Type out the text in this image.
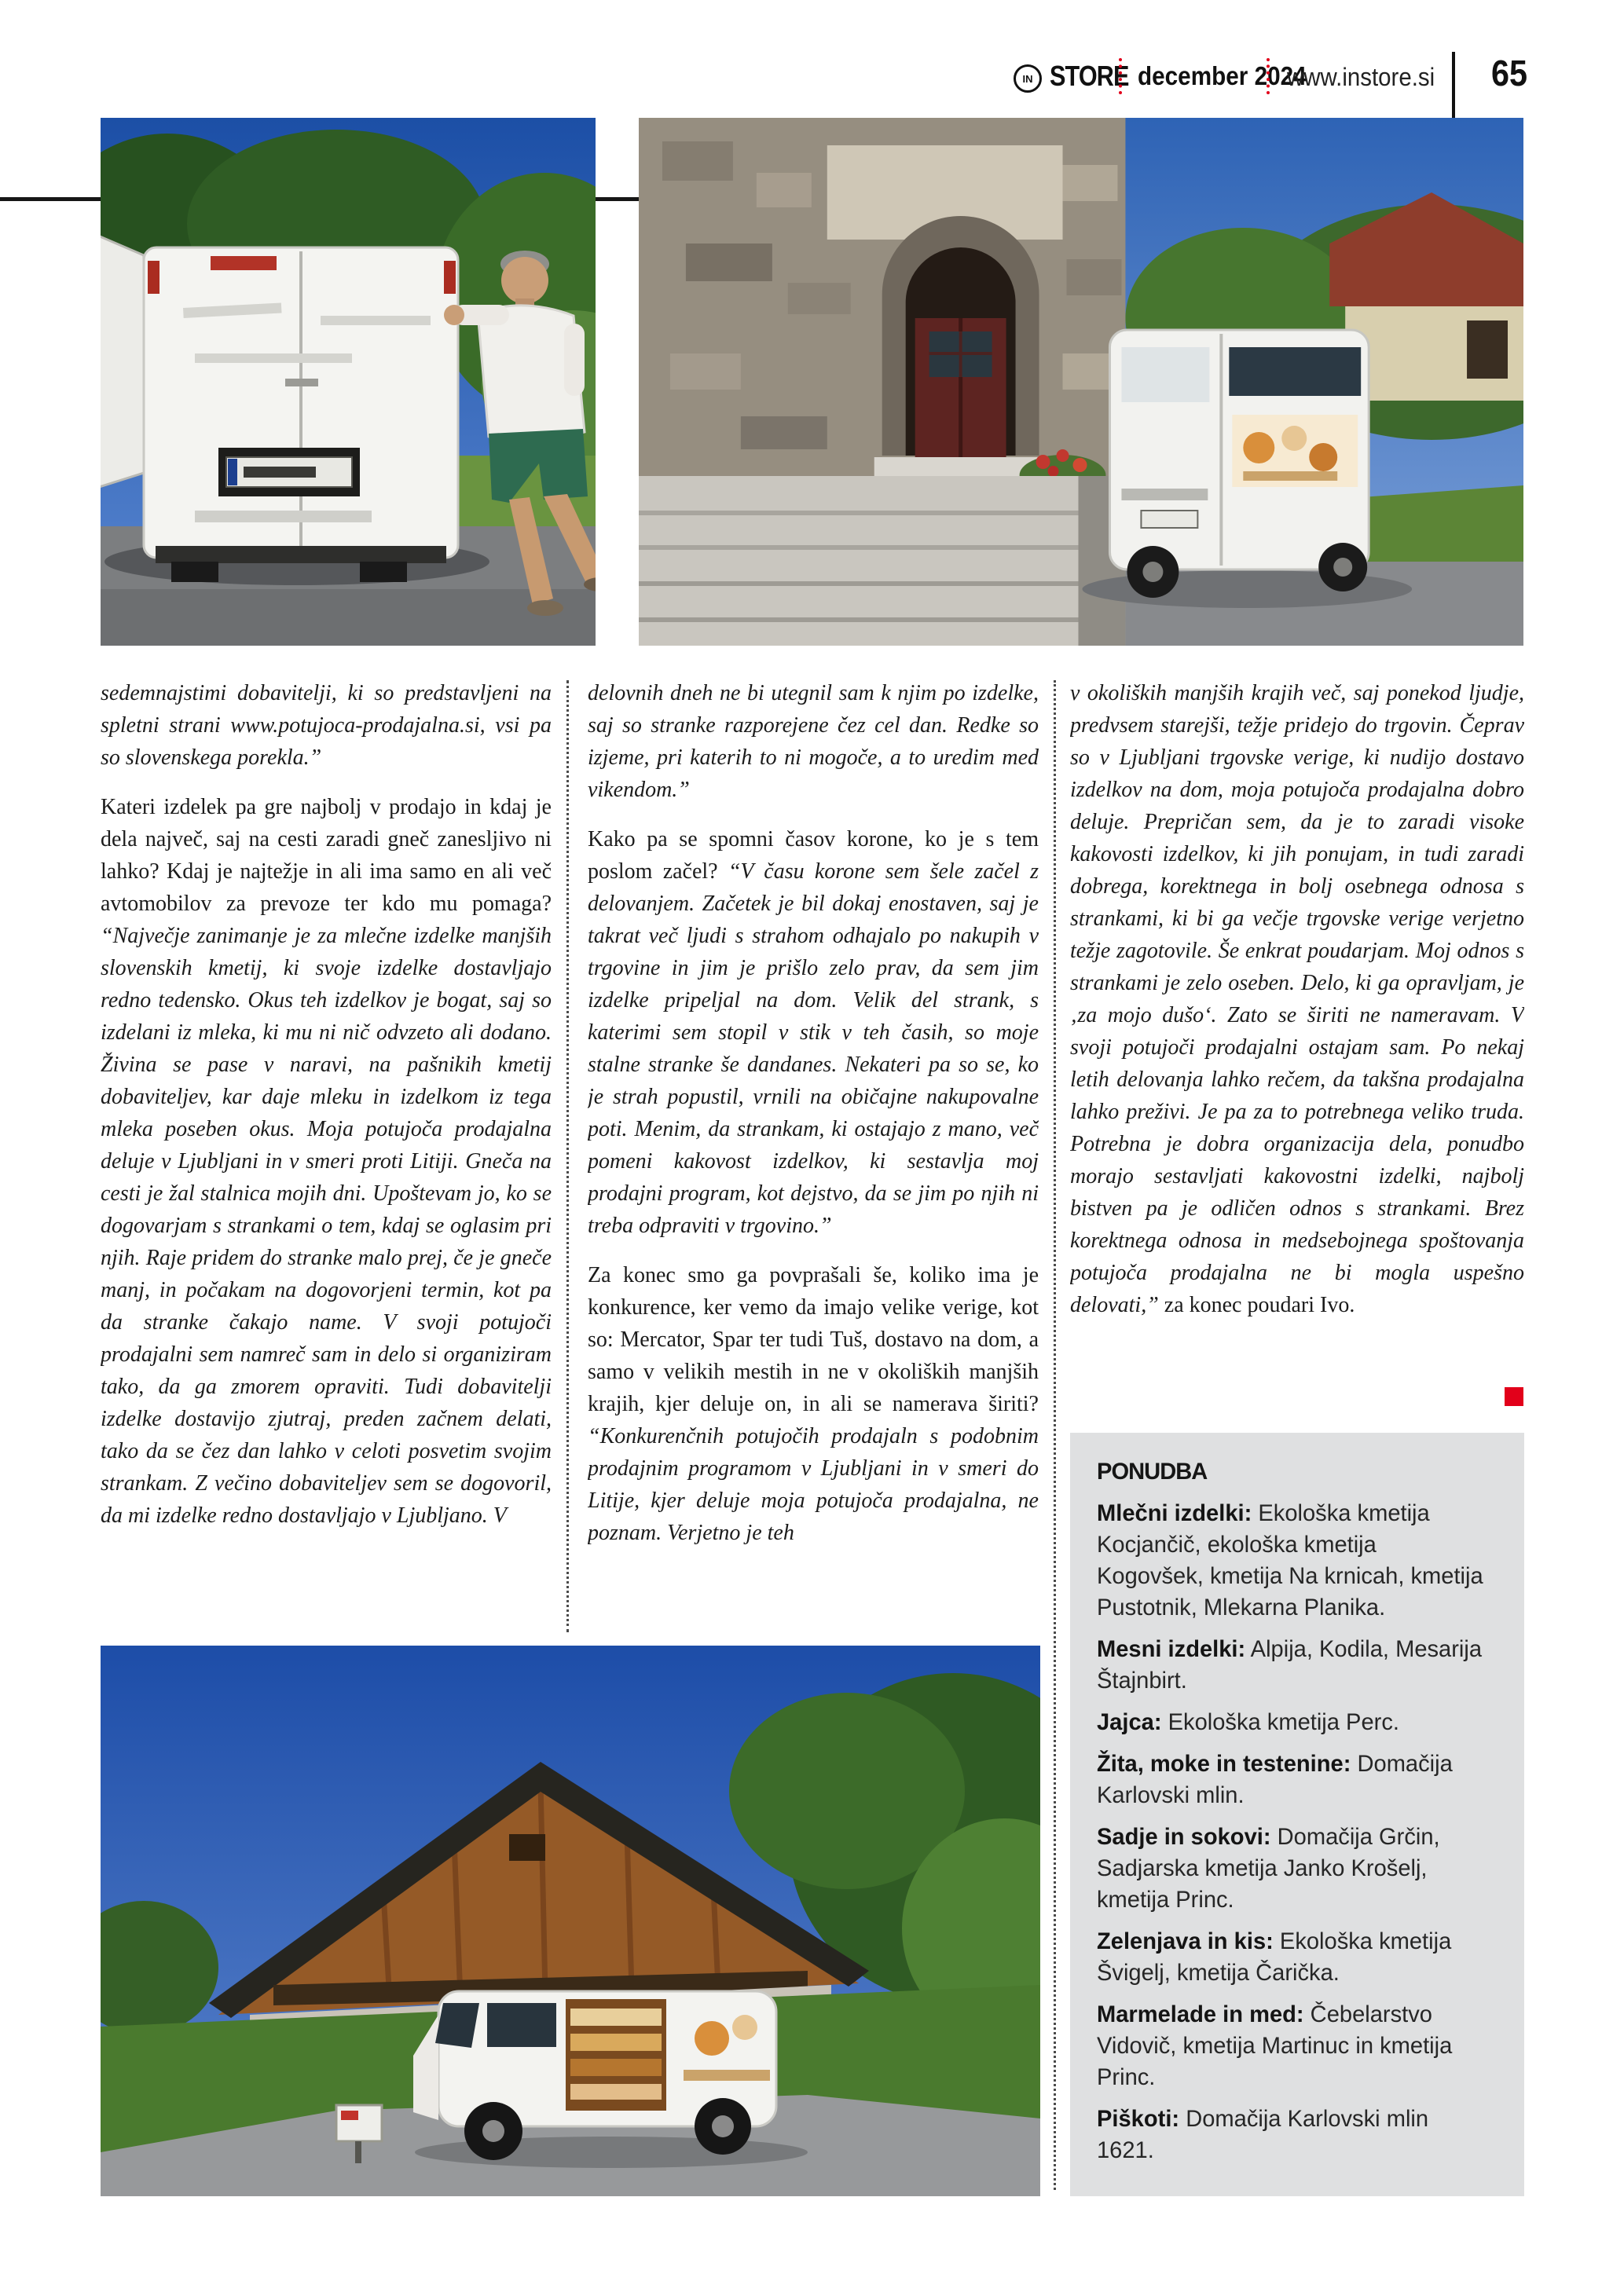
IN STORE december 2024
www.instore.si 65

sedemnajstimi dobavitelji, ki so predstavljeni na spletni strani www.potujoca-prodajalna.si, vsi pa so slovenskega porekla.”

Kateri izdelek pa gre najbolj v prodajo in kdaj je dela največ, saj na cesti zaradi gneč zanesljivo ni lahko? Kdaj je najtežje in ali ima samo en ali več avtomobilov za prevoze ter kdo mu pomaga? “Največje zanimanje je za mlečne izdelke manjših slovenskih kmetij, ki svoje izdelke dostavljajo redno tedensko. Okus teh izdelkov je bogat, saj so izdelani iz mleka, ki mu ni nič odvzeto ali dodano. Živina se pase v naravi, na pašnikih kmetij dobaviteljev, kar daje mleku in izdelkom iz tega mleka poseben okus. Moja potujoča prodajalna deluje v Ljubljani in v smeri proti Litiji. Gneča na cesti je žal stalnica mojih dni. Upoštevam jo, ko se dogovarjam s strankami o tem, kdaj se oglasim pri njih. Raje pridem do stranke malo prej, če je gneče manj, in počakam na dogovorjeni termin, kot pa da stranke čakajo name. V svoji potujoči prodajalni sem namreč sam in delo si organiziram tako, da ga zmorem opraviti. Tudi dobavitelji izdelke dostavijo zjutraj, preden začnem delati, tako da se čez dan lahko v celoti posvetim svojim strankam. Z večino dobaviteljev sem se dogovoril, da mi izdelke redno dostavljajo v Ljubljano. V

delovnih dneh ne bi utegnil sam k njim po izdelke, saj so stranke razporejene čez cel dan. Redke so izjeme, pri katerih to ni mogoče, a to uredim med vikendom.”

Kako pa se spomni časov korone, ko je s tem poslom začel? “V času korone sem šele začel z delovanjem. Začetek je bil dokaj enostaven, saj je takrat več ljudi s strahom odhajalo po nakupih v trgovine in jim je prišlo zelo prav, da sem jim izdelke pripeljal na dom. Velik del strank, s katerimi sem stopil v stik v teh časih, so moje stalne stranke še dandanes. Nekateri pa so se, ko je strah popustil, vrnili na običajne nakupovalne poti. Menim, da strankam, ki ostajajo z mano, več pomeni kakovost izdelkov, ki sestavlja moj prodajni program, kot dejstvo, da se jim po njih ni treba odpraviti v trgovino.”

Za konec smo ga povprašali še, koliko ima je konkurence, ker vemo da imajo velike verige, kot so: Mercator, Spar ter tudi Tuš, dostavo na dom, a samo v velikih mestih in ne v okoliških manjših krajih, kjer deluje on, in ali se namerava širiti? “Konkurenčnih potujočih prodajaln s podobnim prodajnim programom v Ljubljani in v smeri do Litije, kjer deluje moja potujoča prodajalna, ne poznam. Verjetno je teh

v okoliških manjših krajih več, saj ponekod ljudje, predvsem starejši, težje pridejo do trgovin. Čeprav so v Ljubljani trgovske verige, ki nudijo dostavo izdelkov na dom, moja potujoča prodajalna dobro deluje. Prepričan sem, da je to zaradi visoke kakovosti izdelkov, ki jih ponujam, in tudi zaradi dobrega, korektnega in bolj osebnega odnosa s strankami, ki bi ga večje trgovske verige verjetno težje zagotovile. Še enkrat poudarjam. Moj odnos s strankami je zelo oseben. Delo, ki ga opravljam, je ‚za mojo dušo‘. Zato se širiti ne nameravam. V svoji potujoči prodajalni ostajam sam. Po nekaj letih delovanja lahko rečem, da takšna prodajalna lahko preživi. Je pa za to potrebnega veliko truda. Potrebna je dobra organizacija dela, ponudbo morajo sestavljati kakovostni izdelki, najbolj bistven pa je odličen odnos s strankami. Brez korektnega odnosa in medsebojnega spoštovanja potujoča prodajalna ne bi mogla uspešno delovati,” za konec poudari Ivo.

PONUDBA

Mlečni izdelki: Ekološka kmetija Kocjančič, ekološka kmetija Kogovšek, kmetija Na krnicah, kmetija Pustotnik, Mlekarna Planika.

Mesni izdelki: Alpija, Kodila, Mesarija Štajnbirt.

Jajca: Ekološka kmetija Perc.

Žita, moke in testenine: Domačija Karlovski mlin.

Sadje in sokovi: Domačija Grčin, Sadjarska kmetija Janko Krošelj, kmetija Princ.

Zelenjava in kis: Ekološka kmetija Švigelj, kmetija Čarička.

Marmelade in med: Čebelarstvo Vidovič, kmetija Martinuc in kmetija Princ.

Piškoti: Domačija Karlovski mlin 1621.
